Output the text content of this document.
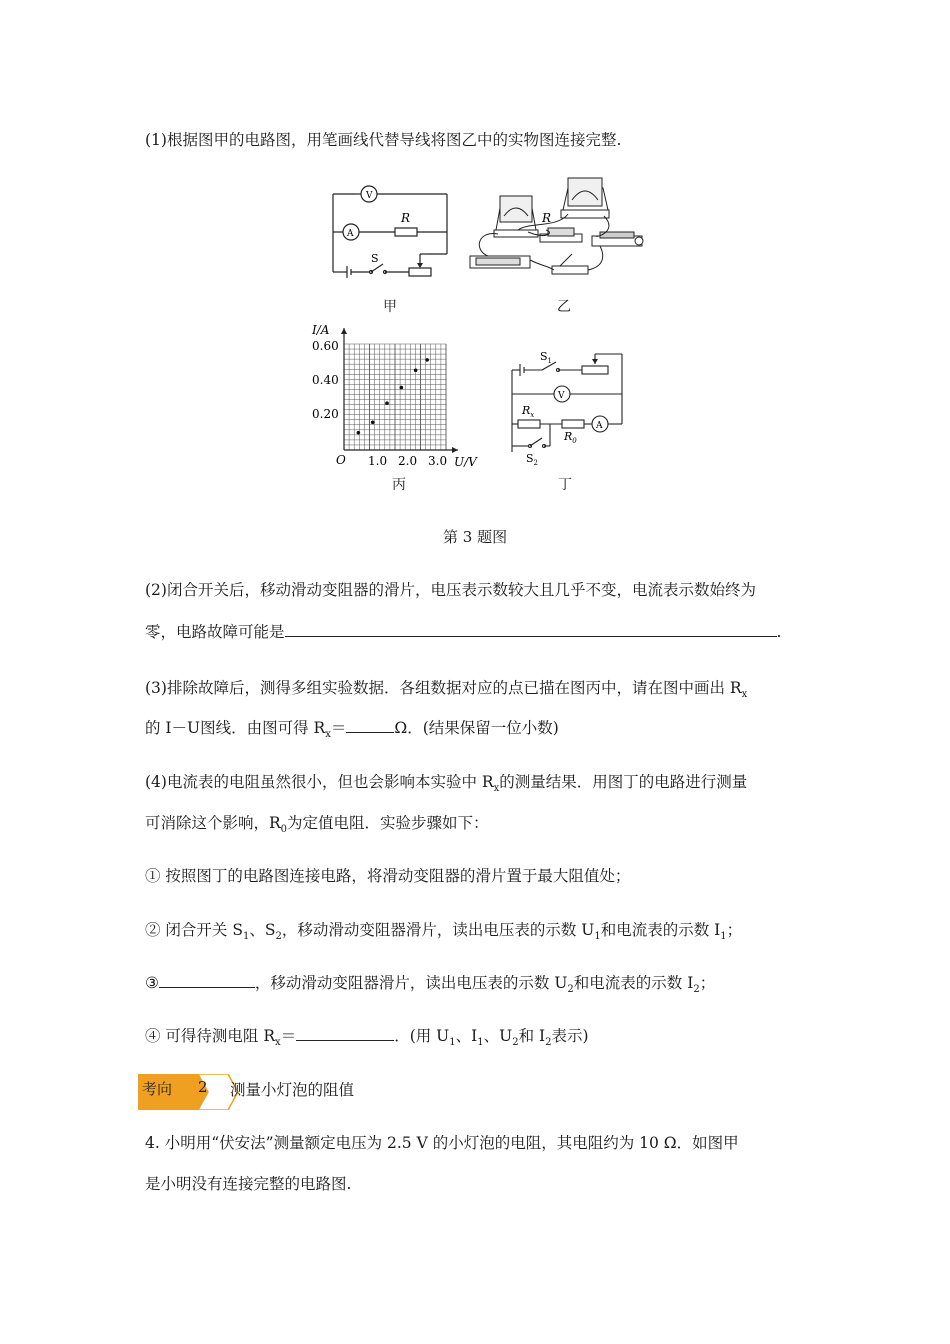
(1)根据图甲的电路图，用笔画线代替导线将图乙中的实物图连接完整.
V
A
R
S
R
甲	乙
I/A
U/V
O
0.60
0.40
0.20
1.0 2.0 3.0
V
A
$S_1$
$R_x$
$R_0$
$S_2$
丙	丁
第 3 题图
(2)闭合开关后，移动滑动变阻器的滑片，电压表示数较大且几乎不变，电流表示数始终为
零，电路故障可能是	.
(3)排除故障后，测得多组实验数据．各组数据对应的点已描在图丙中，请在图中画出 $R_x$
的 I－U图线．由图可得 $R_x=$	Ω．(结果保留一位小数)
(4)电流表的电阻虽然很小，但也会影响本实验中 $R_x$的测量结果．用图丁的电路进行测量
可消除这个影响，$R_0$为定值电阻．实验步骤如下：
① 按照图丁的电路图连接电路，将滑动变阻器的滑片置于最大阻值处；
② 闭合开关 $S_1$、$S_2$，移动滑动变阻器滑片，读出电压表的示数 $U_1$和电流表的示数 $I_1$；
③	，移动滑动变阻器滑片，读出电压表的示数 $U_2$和电流表的示数 $I_2$；
④ 可得待测电阻 $R_x=$	．(用 $U_1$、$I_1$、$U_2$和 $I_2$表示)
考向 2 测量小灯泡的阻值
4. 小明用“伏安法”测量额定电压为 2.5 V 的小灯泡的电阻，其电阻约为 10 Ω．如图甲
是小明没有连接完整的电路图.
